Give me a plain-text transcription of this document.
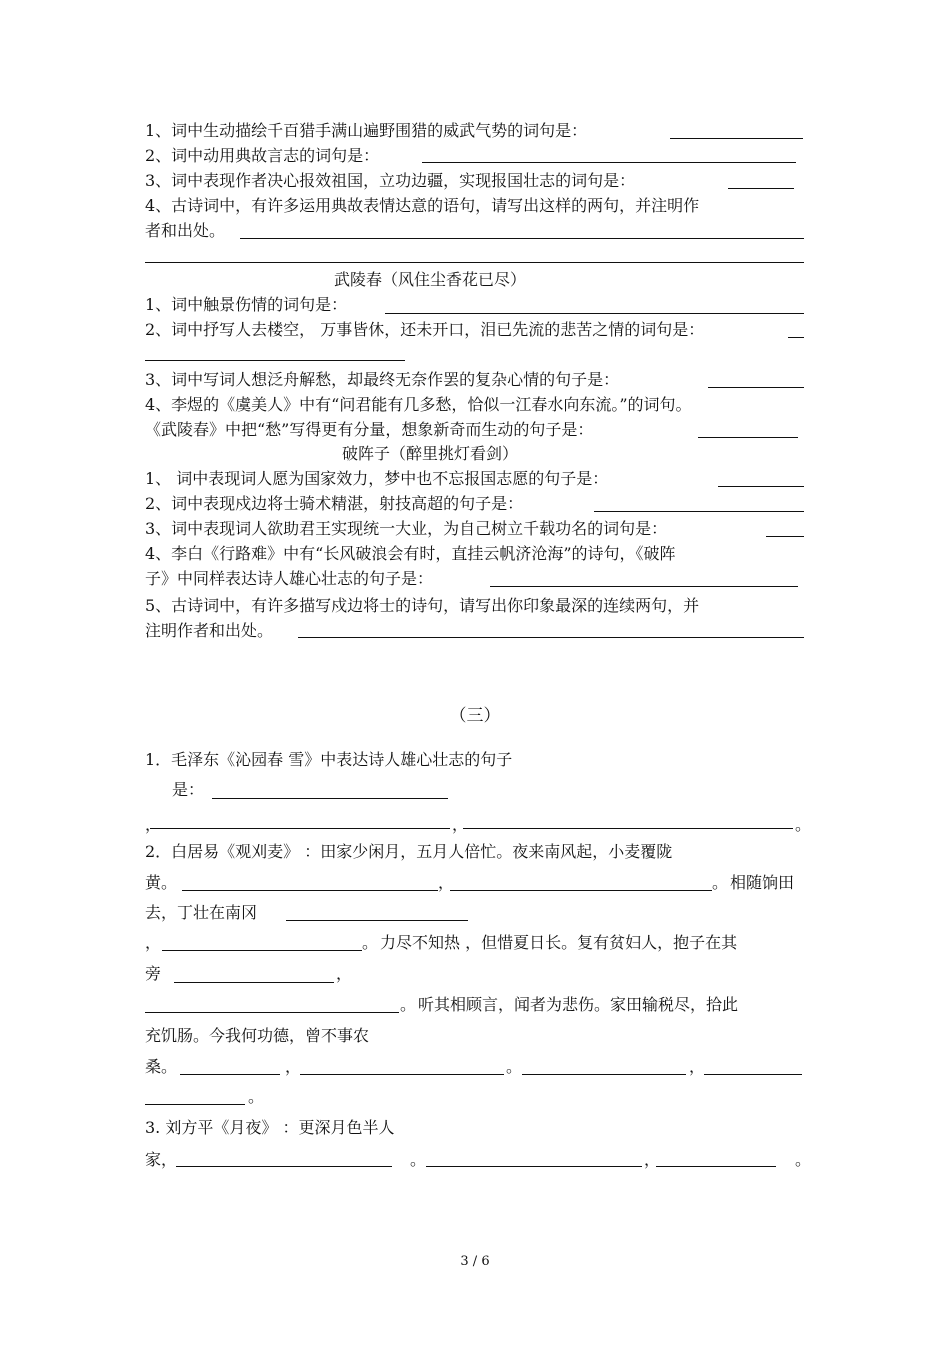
1、词中生动描绘千百猎手满山遍野围猎的威武气势的词句是：
2、词中动用典故言志的词句是：
3、词中表现作者决心报效祖国，立功边疆，实现报国壮志的词句是：
4、古诗词中，有许多运用典故表情达意的语句，请写出这样的两句，并注明作
者和出处。
武陵春（风住尘香花已尽）
1、词中触景伤情的词句是：
2、词中抒写人去楼空， 万事皆休，还未开口，泪已先流的悲苦之情的词句是：
3、词中写词人想泛舟解愁，却最终无奈作罢的复杂心情的句子是：
4、李煜的《虞美人》中有“问君能有几多愁，恰似一江春水向东流。”的词句。
《武陵春》中把“愁”写得更有分量，想象新奇而生动的句子是：
破阵子（醉里挑灯看剑）
1、 词中表现词人愿为国家效力，梦中也不忘报国志愿的句子是：
2、词中表现戍边将士骑术精湛，射技高超的句子是：
3、词中表现词人欲助君王实现统一大业，为自己树立千载功名的词句是：
4、李白《行路难》中有“长风破浪会有时，直挂云帆济沧海”的诗句，《破阵
子》中同样表达诗人雄心壮志的句子是：
5、古诗词中，有许多描写戍边将士的诗句，请写出你印象最深的连续两句，并
注明作者和出处。
（三）
1．毛泽东《沁园春 雪》中表达诗人雄心壮志的句子
是：
，	，	。
2．白居易《观刈麦》 ：田家少闲月，五月人倍忙。夜来南风起，小麦覆陇
黄。	，	。 相随饷田
去，丁壮在南冈
，	。 力尽不知热 ，但惜夏日长。复有贫妇人，抱子在其
旁	，
。 听其相顾言，闻者为悲伤。家田输税尽，拾此
充饥肠。今我何功德，曾不事农
桑。	，	。	，
。
3. 刘方平《月夜》 ：更深月色半人
家，	。	，	。
3 / 6
